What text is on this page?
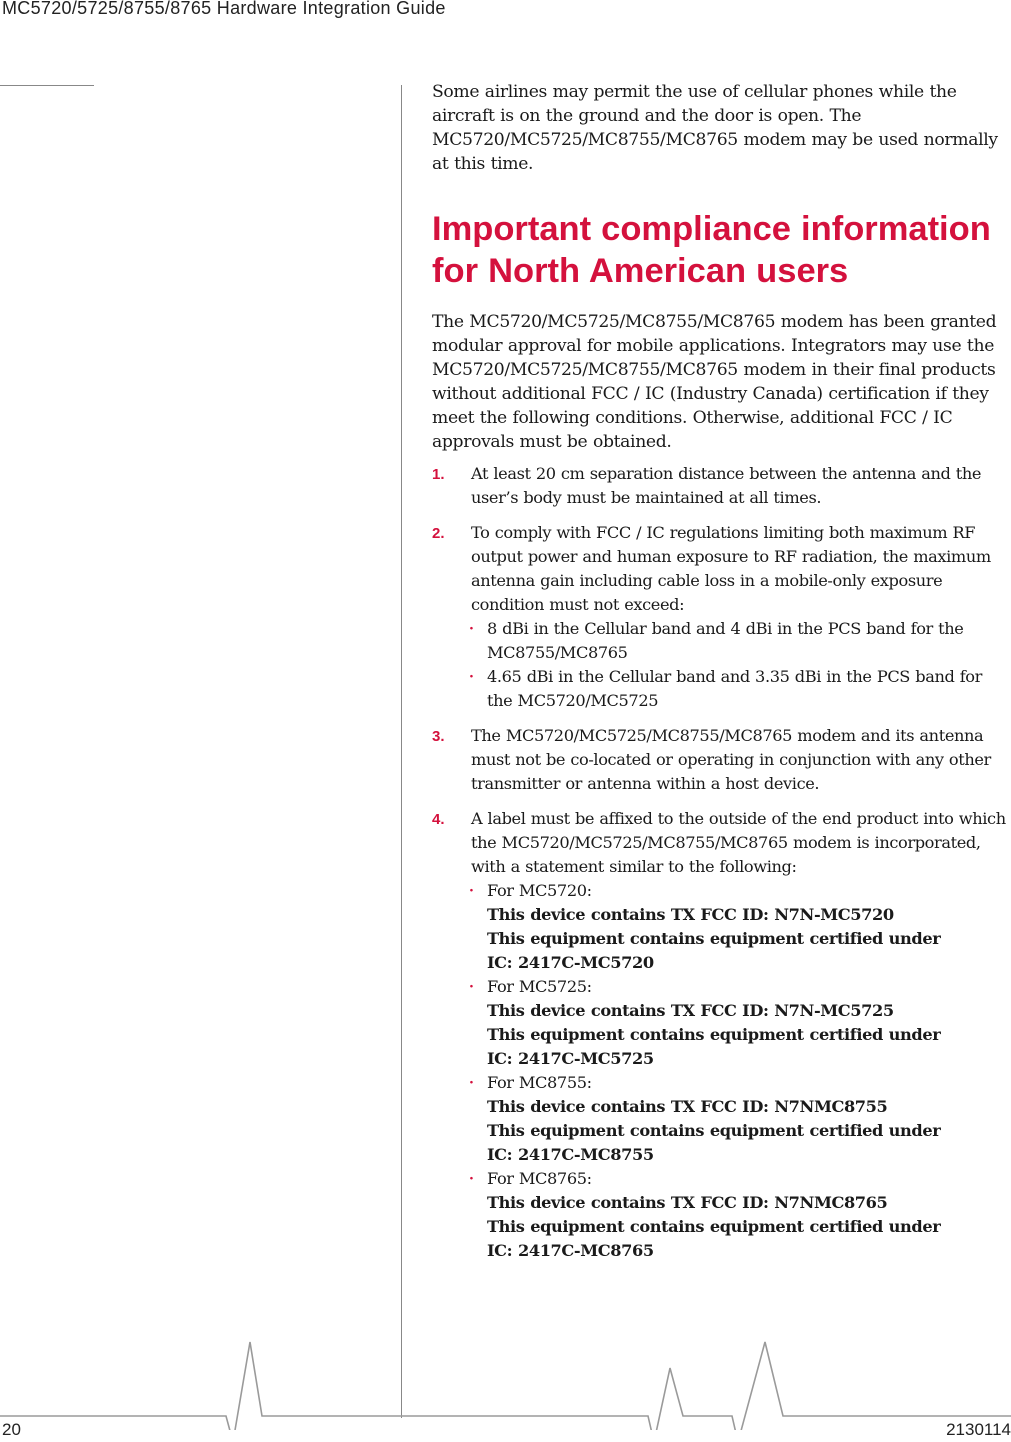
MC5720/5725/8755/8765 Hardware Integration Guide

Some airlines may permit the use of cellular phones while the aircraft is on the ground and the door is open. The MC5720/MC5725/MC8755/MC8765 modem may be used normally at this time.

Important compliance information for North American users

The MC5720/MC5725/MC8755/MC8765 modem has been granted modular approval for mobile applications. Integrators may use the MC5720/MC5725/MC8755/MC8765 modem in their final products without additional FCC / IC (Industry Canada) certification if they meet the following conditions. Otherwise, additional FCC / IC approvals must be obtained.

1. At least 20 cm separation distance between the antenna and the user’s body must be maintained at all times.
2. To comply with FCC / IC regulations limiting both maximum RF output power and human exposure to RF radiation, the maximum antenna gain including cable loss in a mobile-only exposure condition must not exceed:
· 8 dBi in the Cellular band and 4 dBi in the PCS band for the MC8755/MC8765
· 4.65 dBi in the Cellular band and 3.35 dBi in the PCS band for the MC5720/MC5725
3. The MC5720/MC5725/MC8755/MC8765 modem and its antenna must not be co-located or operating in conjunction with any other transmitter or antenna within a host device.
4. A label must be affixed to the outside of the end product into which the MC5720/MC5725/MC8755/MC8765 modem is incorporated, with a statement similar to the following:
· For MC5720:
This device contains TX FCC ID: N7N-MC5720
This equipment contains equipment certified under
IC: 2417C-MC5720
· For MC5725:
This device contains TX FCC ID: N7N-MC5725
This equipment contains equipment certified under
IC: 2417C-MC5725
· For MC8755:
This device contains TX FCC ID: N7NMC8755
This equipment contains equipment certified under
IC: 2417C-MC8755
· For MC8765:
This device contains TX FCC ID: N7NMC8765
This equipment contains equipment certified under
IC: 2417C-MC8765
20	2130114
